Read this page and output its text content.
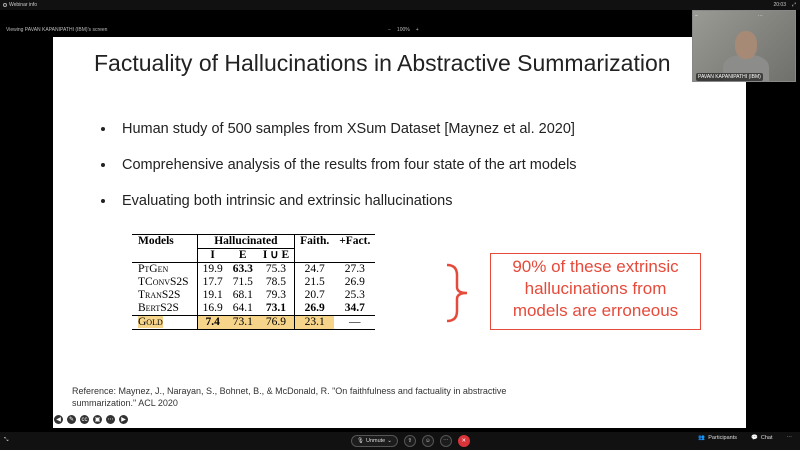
Webinar info	20:03 ⤢
Viewing PAVAN KAPANIPATHI (IBM)'s screen	− 100% +
Factuality of Hallucinations in Abstractive Summarization
Human study of 500 samples from XSum Dataset [Maynez et al. 2020]
Comprehensive analysis of the results from four state of the art models
Evaluating both intrinsic and extrinsic hallucinations
Models	Hallucinated			Faith.	+Fact.
	I	E	I ∪ E		
PtGen	19.9	63.3	75.3	24.7	27.3
TConvS2S	17.7	71.5	78.5	21.5	26.9
TranS2S	19.1	68.1	79.3	20.7	25.3
BertS2S	16.9	64.1	73.1	26.9	34.7
Gold	7.4	73.1	76.9	23.1	—
90% of these extrinsic hallucinations from models are erroneous
Reference: Maynez, J., Narayan, S., Bohnet, B., & McDonald, R. "On faithfulness and factuality in abstractive
summarization." ACL 2020
◀	✎	cc ▣ ⋯	▶
−	⋯
PAVAN KAPANIPATHI (IBM)
⤡	🎙 Unmute ⌄	⇧ ☺ ⋯ ✕	👥 Participants	💬 Chat	⋯
